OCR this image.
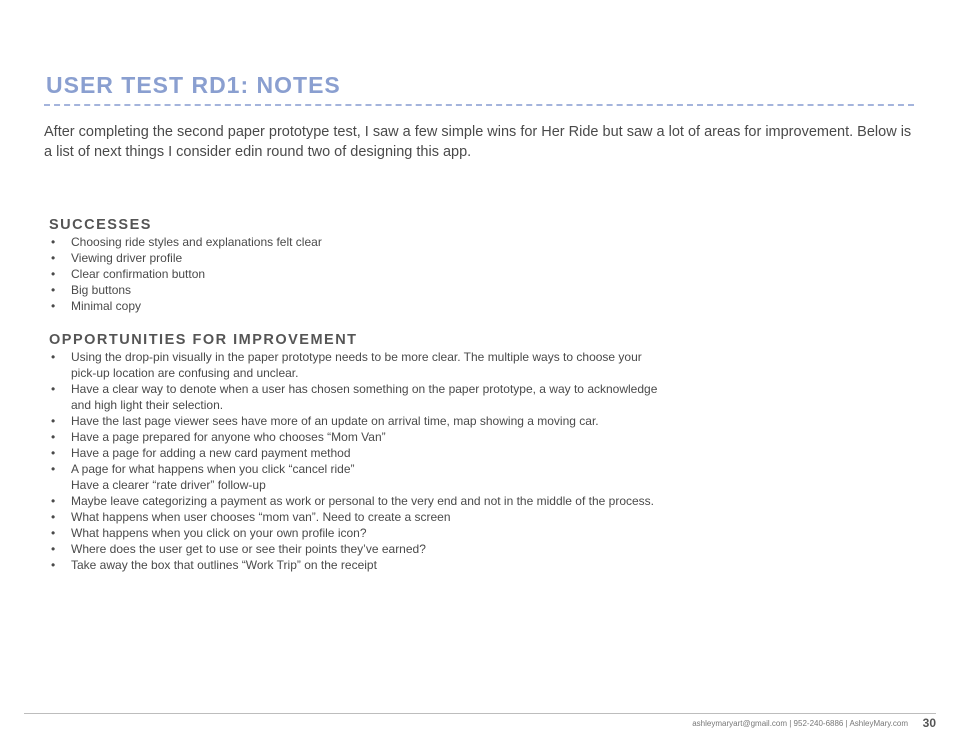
USER TEST RD1: NOTES

After completing the second paper prototype test, I saw a few simple wins for Her Ride but saw a lot of areas for improvement. Below is a list of next things I consider edin round two of designing this app.

SUCCESSES
• Choosing ride styles and explanations felt clear
• Viewing driver profile
• Clear confirmation button
• Big buttons
• Minimal copy
OPPORTUNITIES FOR IMPROVEMENT
• Using the drop-pin visually in the paper prototype needs to be more clear. The multiple ways to choose your pick-up location are confusing and unclear.
• Have a clear way to denote when a user has chosen something on the paper prototype, a way to acknowledge and high light their selection.
• Have the last page viewer sees have more of an update on arrival time, map showing a moving car.
• Have a page prepared for anyone who chooses “Mom Van”
• Have a page for adding a new card payment method
• A page for what happens when you click “cancel ride”
Have a clearer “rate driver” follow-up
• Maybe leave categorizing a payment as work or personal to the very end and not in the middle of the process.
• What happens when user chooses “mom van”. Need to create a screen
• What happens when you click on your own profile icon?
• Where does the user get to use or see their points they’ve earned?
• Take away the box that outlines “Work Trip” on the receipt
ashleymaryart@gmail.com | 952-240-6886 | AshleyMary.com 30
